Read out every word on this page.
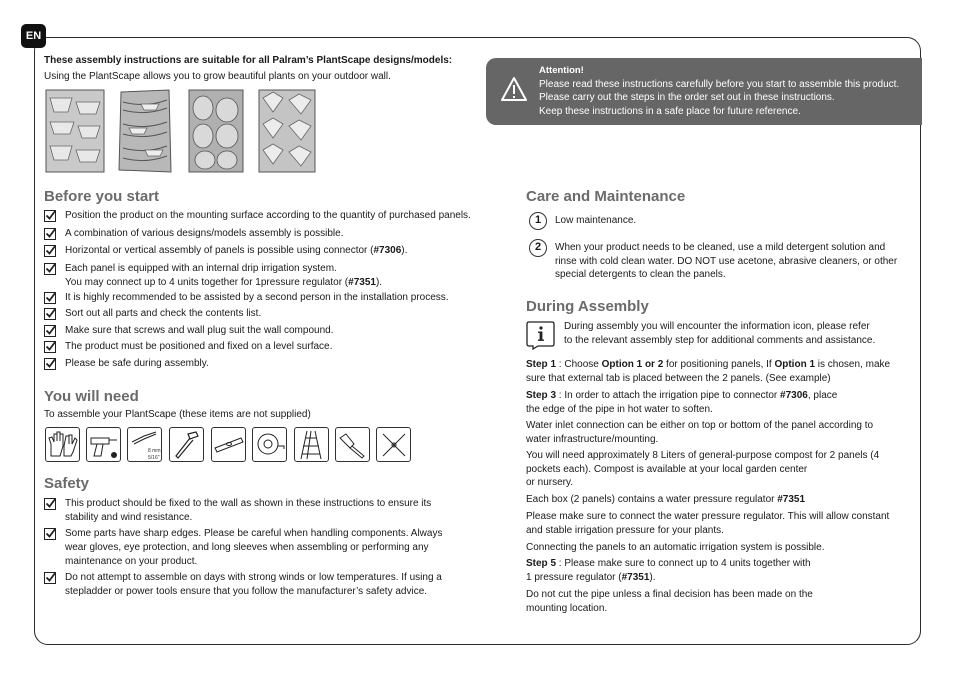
EN
These assembly instructions are suitable for all Palram’s PlantScape designs/models:
Using the PlantScape allows you to grow beautiful plants on your outdoor wall.
Attention!
Please read these instructions carefully before you start to assemble this product.
Please carry out the steps in the order set out in these instructions.
Keep these instructions in a safe place for future reference.
Before you start
Position the product on the mounting surface according to the quantity of purchased panels.
A combination of various designs/models assembly is possible.
Horizontal or vertical assembly of panels is possible using connector (#7306).
Each panel is equipped with an internal drip irrigation system.
You may connect up to 4 units together for 1pressure regulator (#7351).
It is highly recommended to be assisted by a second person in the installation process.
Sort out all parts and check the contents list.
Make sure that screws and wall plug suit the wall compound.
The product must be positioned and fixed on a level surface.
Please be safe during assembly.
You will need
To assemble your PlantScape (these items are not supplied)
8 mm
5/16"
Safety
This product should be fixed to the wall as shown in these instructions to ensure its
stability and wind resistance.
Some parts have sharp edges. Please be careful when handling components. Always
wear gloves, eye protection, and long sleeves when assembling or performing any
maintenance on your product.
Do not attempt to assemble on days with strong winds or low temperatures. If using a
stepladder or power tools ensure that you follow the manufacturer’s safety advice.
Care and Maintenance
1	Low maintenance.
2	When your product needs to be cleaned, use a mild detergent solution and
rinse with cold clean water. DO NOT use acetone, abrasive cleaners, or other
special detergents to clean the panels.
During Assembly
During assembly you will encounter the information icon, please refer
to the relevant assembly step for additional comments and assistance.
Step 1 : Choose Option 1 or 2 for positioning panels, If Option 1 is chosen, make
sure that external tab is placed between the 2 panels. (See example)
Step 3 : In order to attach the irrigation pipe to connector #7306, place
the edge of the pipe in hot water to soften.
Water inlet connection can be either on top or bottom of the panel according to
water infrastructure/mounting.
You will need approximately 8 Liters of general-purpose compost for 2 panels (4
pockets each). Compost is available at your local garden center
or nursery.
Each box (2 panels) contains a water pressure regulator #7351
Please make sure to connect the water pressure regulator. This will allow constant
and stable irrigation pressure for your plants.
Connecting the panels to an automatic irrigation system is possible.
Step 5 : Please make sure to connect up to 4 units together with
1 pressure regulator (#7351).
Do not cut the pipe unless a final decision has been made on the
mounting location.
